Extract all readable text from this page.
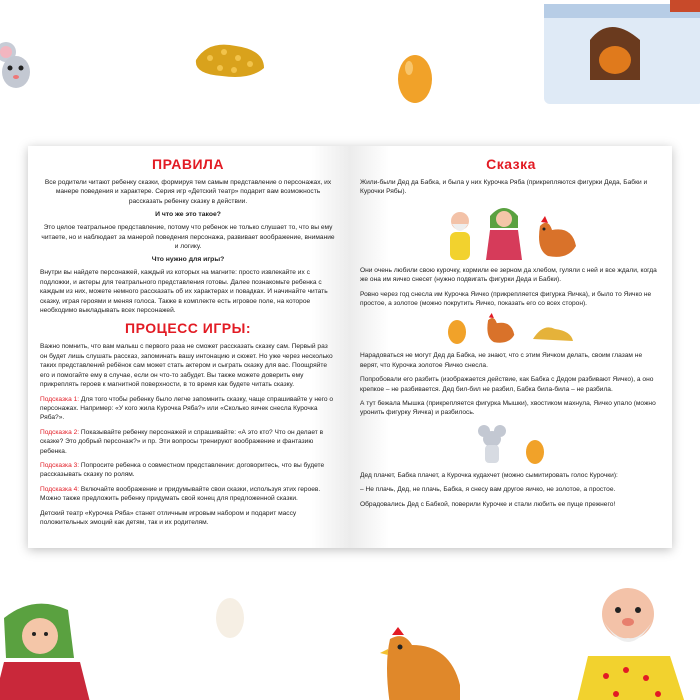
ПРАВИЛА

Все родители читают ребенку сказки, формируя тем самым представление о персонажах, их манере поведения и характере. Серия игр «Детский театр» подарит вам возможность рассказать ребенку сказку в действии.

И что же это такое?

Это целое театральное представление, потому что ребенок не только слушает то, что вы ему читаете, но и наблюдает за манерой поведения персонажа, развивает воображение, внимание и логику.

Что нужно для игры?

Внутри вы найдете персонажей, каждый из которых на магните: просто извлекайте их с подложки, и актеры для театрального представления готовы. Далее познакомьте ребенка с каждым из них, можете немного рассказать об их характерах и повадках. И начинайте читать сказку, играя героями и меняя голоса. Также в комплекте есть игровое поле, на которое необходимо выкладывать всех персонажей.

ПРОЦЕСС ИГРЫ:

Важно помнить, что вам малыш с первого раза не сможет рассказать сказку сам. Первый раз он будет лишь слушать рассказ, запоминать вашу интонацию и сюжет. Но уже через несколько таких представлений ребёнок сам может стать актером и сыграть сказку для вас. Поощряйте его и помогайте ему в случае, если он что-то забудет. Вы также можете доверить ему прикреплять героев к магнитной поверхности, в то время как будете читать сказку.

Подсказка 1: Для того чтобы ребенку было легче запомнить сказку, чаще спрашивайте у него о персонажах. Например: «У кого жила Курочка Ряба?» или «Сколько яичек снесла Курочка Ряба?».

Подсказка 2: Показывайте ребенку персонажей и спрашивайте: «А это кто? Что он делает в сказке? Это добрый персонаж?» и пр. Эти вопросы тренируют воображение и фантазию ребенка.

Подсказка 3: Попросите ребенка о совместном представлении: договоритесь, что вы будете рассказывать сказку по ролям.

Подсказка 4: Включайте воображение и придумывайте свои сказки, используя этих героев. Можно также предложить ребенку придумать свой конец для предложенной сказки.

Детский театр «Курочка Ряба» станет отличным игровым набором и подарит массу положительных эмоций как детям, так и их родителям.

Сказка

Жили-были Дед да Бабка, и была у них Курочка Ряба (прикрепляются фигурки Деда, Бабки и Курочки Рябы).

Они очень любили свою курочку, кормили ее зерном да хлебом, гуляли с ней и все ждали, когда же она им яичко снесет (нужно подвигать фигурки Деда и Бабки).

Ровно через год снесла им Курочка Яичко (прикрепляется фигурка Яичка), и было то Яичко не простое, а золотое (можно покрутить Яичко, показать его со всех сторон).

Нарадоваться не могут Дед да Бабка, не знают, что с этим Яичком делать, своим глазам не верят, что Курочка золотое Яичко снесла.

Попробовали его разбить (изображается действие, как Бабка с Дедом разбивают Яичко), а оно крепкое – не разбивается. Дед бил-бил не разбил, Бабка била-била – не разбила.

А тут бежала Мышка (прикрепляется фигурка Мышки), хвостиком махнула, Яичко упало (можно уронить фигурку Яичка) и разбилось.

Дед плачет, Бабка плачет, а Курочка кудахчет (можно сымитировать голос Курочки):

– Не плачь, Дед, не плачь, Бабка, я снесу вам другое яичко, не золотое, а простое.

Обрадовались Дед с Бабкой, поверили Курочке и стали любить ее пуще прежнего!
